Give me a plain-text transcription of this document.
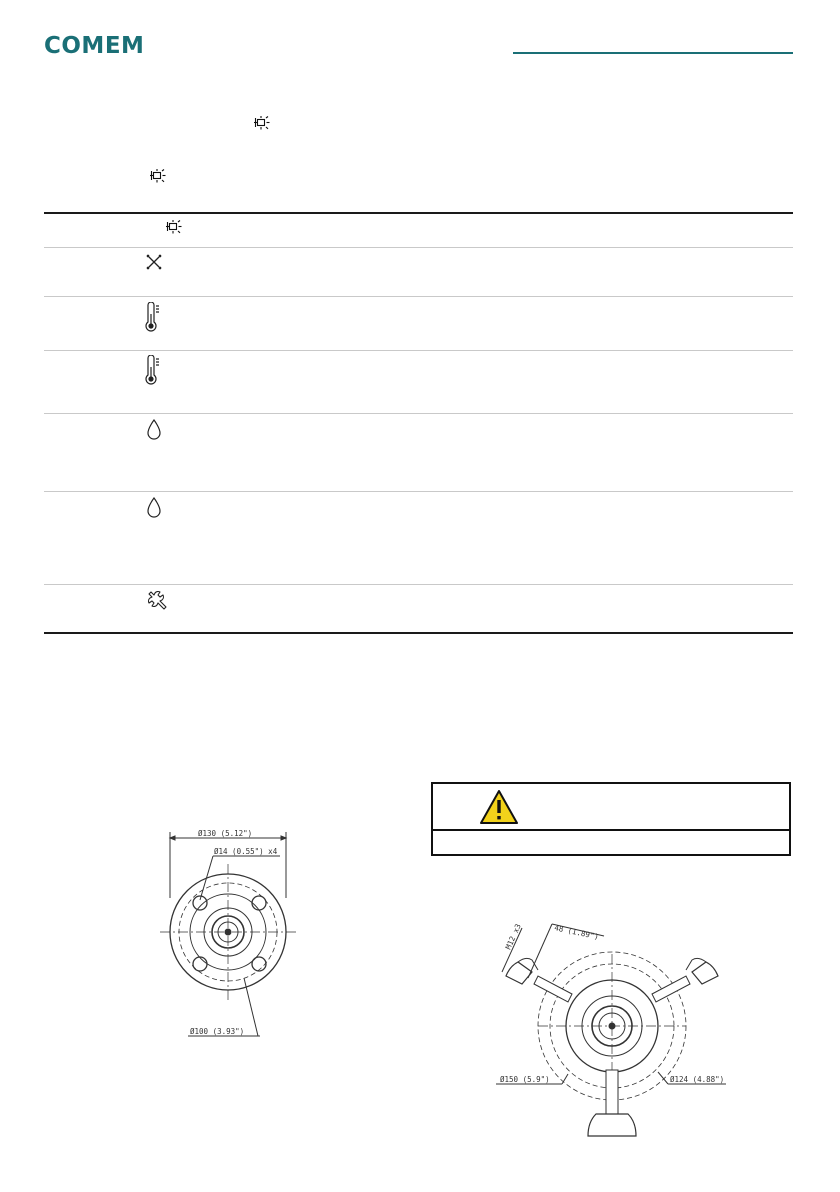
COMEM
Ø130 (5.12")
Ø14 (0.55") x4
Ø100 (3.93")
48 (1.89")
M12 x3
Ø150 (5.9")	Ø124 (4.88")
